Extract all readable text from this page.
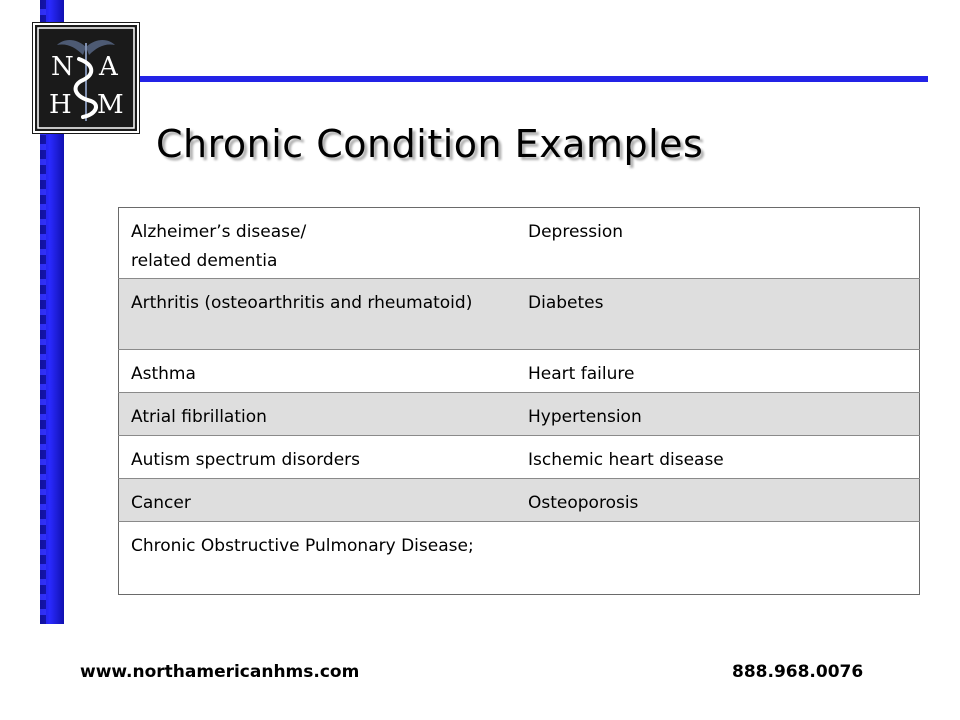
N A
H M
Chronic Condition Examples
Alzheimer’s disease/
related dementia	Depression
Arthritis (osteoarthritis and rheumatoid)	Diabetes
Asthma	Heart failure
Atrial fibrillation	Hypertension
Autism spectrum disorders	Ischemic heart disease
Cancer	Osteoporosis
Chronic Obstructive Pulmonary Disease;	
www.northamericanhms.com	888.968.0076
